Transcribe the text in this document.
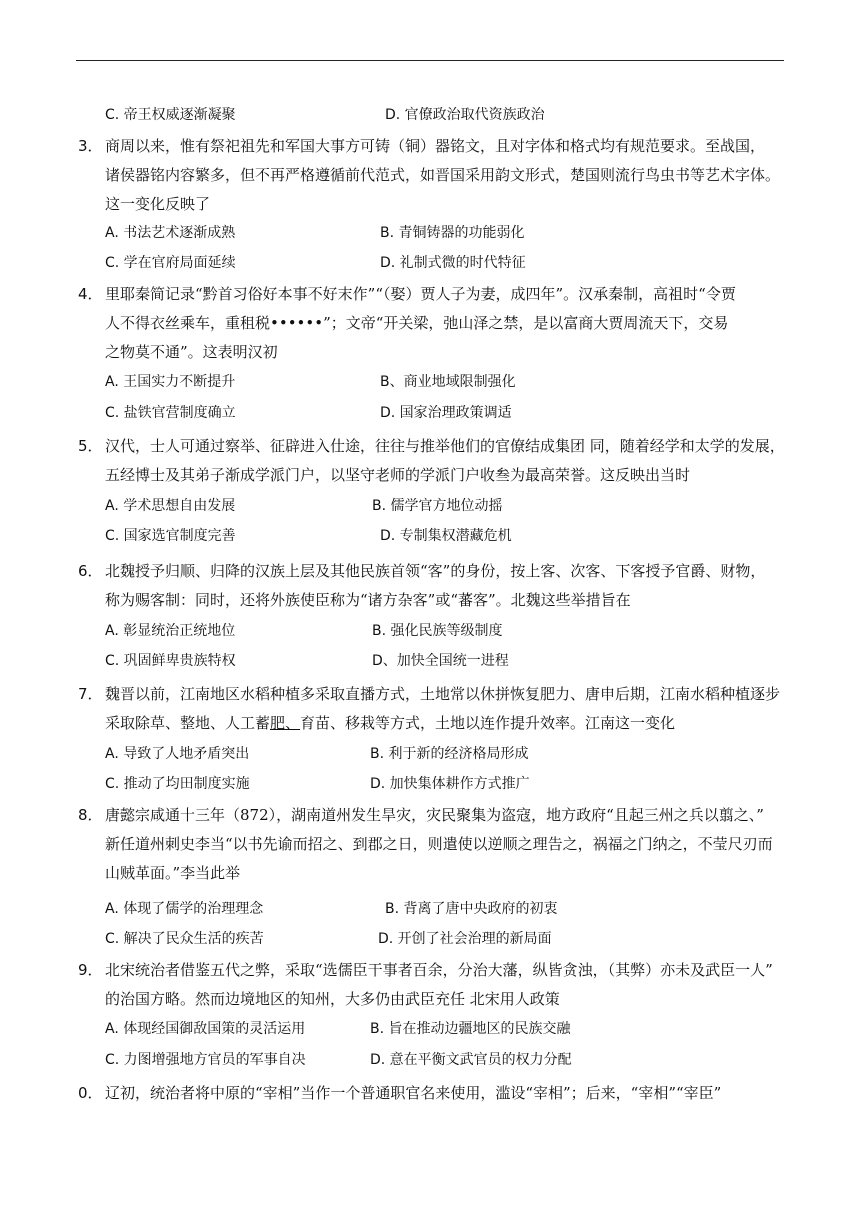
C. 帝王权威逐渐凝聚	D. 官僚政治取代资族政治
3． 商周以来，惟有祭祀祖先和军国大事方可铸（铜）器铭文，且对字体和格式均有规范要求。至战国，
诸侯器铭内容繁多，但不再严格遵循前代范式，如晋国采用韵文形式，楚国则流行鸟虫书等艺术字体。
这一变化反映了
A. 书法艺术逐渐成熟	B. 青铜铸器的功能弱化
C. 学在官府局面延续	D. 礼制式微的时代特征
4． 里耶秦简记录“黔首习俗好本事不好末作”“（娶）贾人子为妻，成四年”。汉承秦制，高祖时“令贾
人不得衣丝乘车，重租税••••••”；文帝“开关梁，弛山泽之禁，是以富商大贾周流天下，交易
之物莫不通”。这表明汉初
A. 王国实力不断提升	B、商业地域限制强化
C. 盐铁官营制度确立	D. 国家治理政策调适
5． 汉代，士人可通过察举、征辟进入仕途，往往与推举他们的官僚结成集团 同，随着经学和太学的发展，
五经博士及其弟子渐成学派门户，以坚守老师的学派门户收叁为最高荣誉。这反映出当时
A. 学术思想自由发展	B. 儒学官方地位动摇
C. 国家选官制度完善	D. 专制集权潜藏危机
6． 北魏授予归顺、归降的汉族上层及其他民族首领“客”的身份，按上客、次客、下客授予官爵、财物，
称为赐客制：同时，还将外族使臣称为“诸方杂客”或“蕃客”。北魏这些举措旨在
A. 彰显统治正统地位	B. 强化民族等级制度
C. 巩固鲜卑贵族特权	D、加快全国统一进程
7． 魏晋以前，江南地区水稻种植多采取直播方式，土地常以休拼恢复肥力、唐申后期，江南水稻种植逐步
采取除草、整地、人工蓄肥、育苗、移栽等方式，土地以连作提升效率。江南这一变化
A. 导致了人地矛盾突出	B. 利于新的经济格局形成
C. 推动了均田制度实施	D. 加快集体耕作方式推广
8． 唐懿宗咸通十三年（872），湖南道州发生旱灾，灾民聚集为盗寇，地方政府“且起三州之兵以翦之、”
新任道州刺史李当“以书先谕而招之、到郡之日，则遣使以逆顺之理告之，祸福之门纳之，不莹尺刃而
山贼革面。”李当此举
A. 体现了儒学的治理理念	B. 背离了唐中央政府的初衷
C. 解决了民众生活的疾苦	D. 开创了社会治理的新局面
9． 北宋统治者借鉴五代之弊，采取“选儒臣干事者百余，分治大藩，纵皆贪浊，（其弊）亦未及武臣一人”
的治国方略。然而边境地区的知州，大多仍由武臣充任 北宋用人政策
A. 体现经国御敌国策的灵活运用	B. 旨在推动边疆地区的民族交融
C. 力图增强地方官员的军事自决	D. 意在平衡文武官员的权力分配
0． 辽初，统治者将中原的“宰相”当作一个普通职官名来使用，滥设“宰相”；后来，“宰相”“宰臣”
